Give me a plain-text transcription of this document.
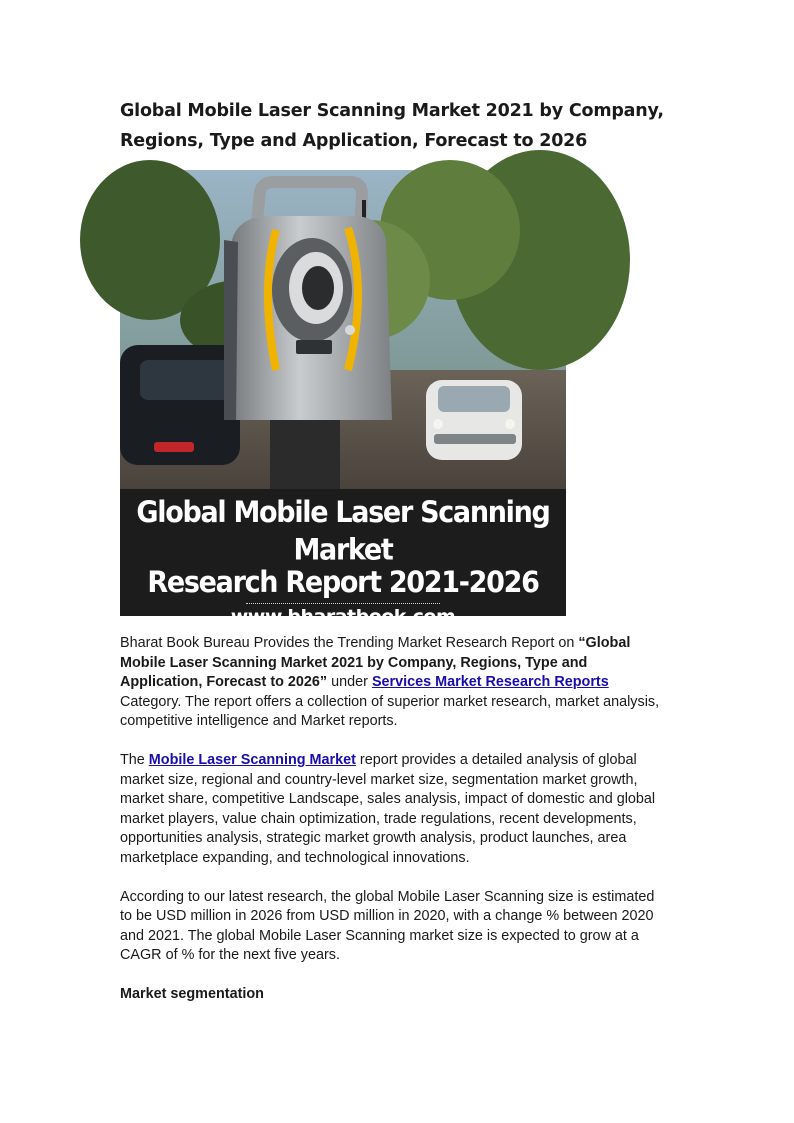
Global Mobile Laser Scanning Market 2021 by Company, Regions, Type and Application, Forecast to 2026
Global Mobile Laser Scanning Market
Research Report 2021-2026
www.bharatbook.com

Bharat Book Bureau Provides the Trending Market Research Report on “Global Mobile Laser Scanning Market 2021 by Company, Regions, Type and Application, Forecast to 2026” under Services Market Research Reports Category. The report offers a collection of superior market research, market analysis, competitive intelligence and Market reports.

The Mobile Laser Scanning Market report provides a detailed analysis of global market size, regional and country-level market size, segmentation market growth, market share, competitive Landscape, sales analysis, impact of domestic and global market players, value chain optimization, trade regulations, recent developments, opportunities analysis, strategic market growth analysis, product launches, area marketplace expanding, and technological innovations.

According to our latest research, the global Mobile Laser Scanning size is estimated to be USD million in 2026 from USD million in 2020, with a change % between 2020 and 2021. The global Mobile Laser Scanning market size is expected to grow at a CAGR of % for the next five years.

Market segmentation
